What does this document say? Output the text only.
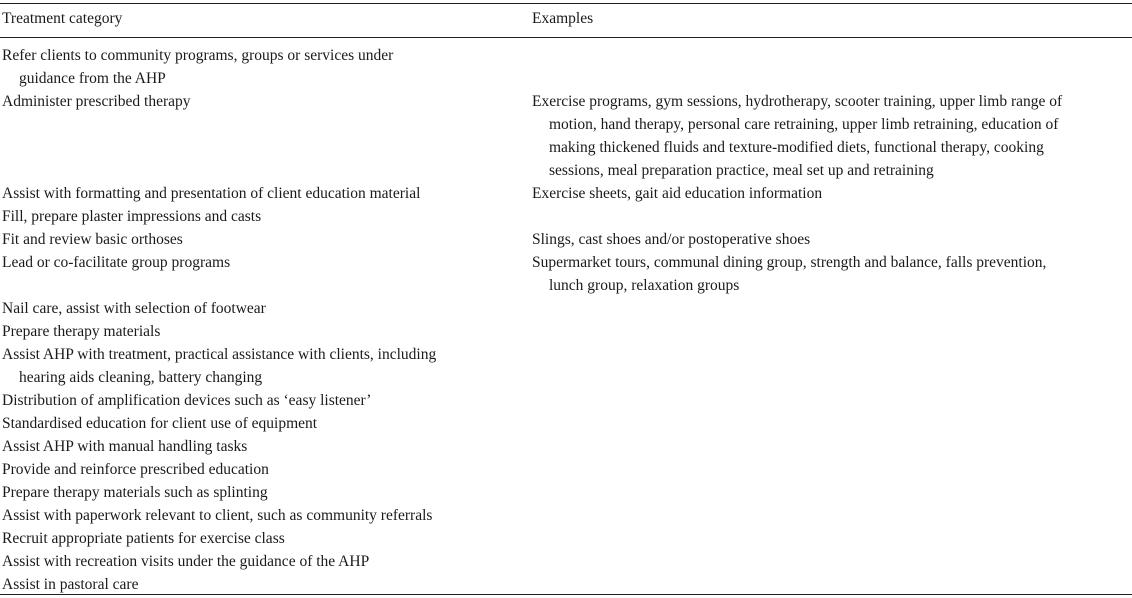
Treatment category	Examples
Refer clients to community programs, groups or services under
guidance from the AHP
Administer prescribed therapy	Exercise programs, gym sessions, hydrotherapy, scooter training, upper limb range of
motion, hand therapy, personal care retraining, upper limb retraining, education of
making thickened fluids and texture-modified diets, functional therapy, cooking
sessions, meal preparation practice, meal set up and retraining
Assist with formatting and presentation of client education material	Exercise sheets, gait aid education information
Fill, prepare plaster impressions and casts
Fit and review basic orthoses	Slings, cast shoes and/or postoperative shoes
Lead or co-facilitate group programs	Supermarket tours, communal dining group, strength and balance, falls prevention,
lunch group, relaxation groups
Nail care, assist with selection of footwear
Prepare therapy materials
Assist AHP with treatment, practical assistance with clients, including
hearing aids cleaning, battery changing
Distribution of amplification devices such as ‘easy listener’
Standardised education for client use of equipment
Assist AHP with manual handling tasks
Provide and reinforce prescribed education
Prepare therapy materials such as splinting
Assist with paperwork relevant to client, such as community referrals
Recruit appropriate patients for exercise class
Assist with recreation visits under the guidance of the AHP
Assist in pastoral care
